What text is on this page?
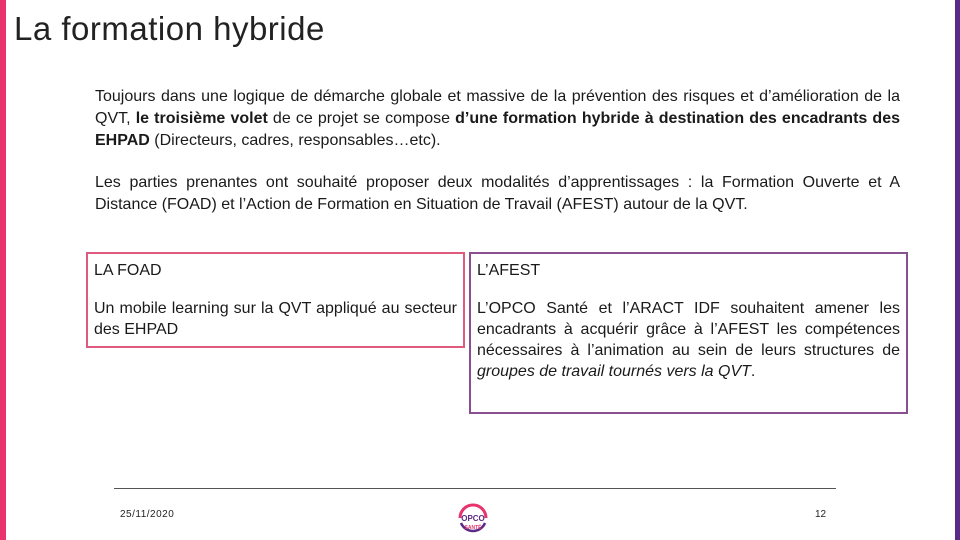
La formation hybride
Toujours dans une logique de démarche globale et massive de la prévention des risques et d’amélioration de la QVT, le troisième volet de ce projet se compose d’une formation hybride à destination des encadrants des EHPAD (Directeurs, cadres, responsables…etc).
Les parties prenantes ont souhaité proposer deux modalités d’apprentissages : la Formation Ouverte et A Distance (FOAD) et l’Action de Formation en Situation de Travail (AFEST) autour de la QVT.
LA FOAD
Un mobile learning sur la QVT appliqué au secteur des EHPAD
L’AFEST
L’OPCO Santé et l’ARACT IDF souhaitent amener les encadrants à acquérir grâce à l’AFEST les compétences nécessaires à l’animation au sein de leurs structures de groupes de travail tournés vers la QVT.
25/11/2020	OPCO
SANTÉ
12
